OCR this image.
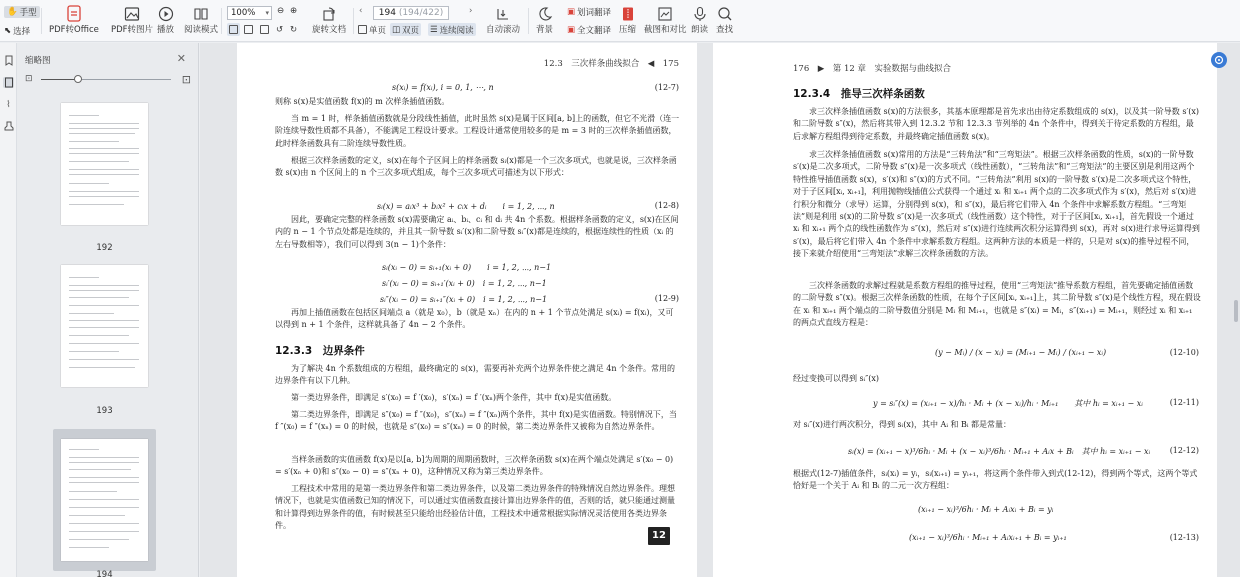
✋ 手型
⬉ 选择 PDF转Office PDF转图片 播放 阅读模式
100% ▾ ⊖ ⊕
旋转文档
↺ ↻
‹	194 (194/422)	›
单页 ◫ 双页 ☰ 连续阅读 自动滚动 背景
▣ 划词翻译
▣ 全文翻译 压缩 截图和对比 朗读 查找
⌇
缩略图	✕
⊡	⊡
192
193
194
12.3　三次样条曲线拟合　◀　175
s(xᵢ) = f(xᵢ), i = 0, 1, ⋯, n	(12-7)
则称 s(x)是实值函数 f(x)的 m 次样条插值函数。
当 m = 1 时，样条插值函数就是分段线性插值，此时虽然 s(x)是属于区间[a, b]上的函数，但它不光滑（连一阶连续导数性质都不具备），不能满足工程设计要求。工程设计通常使用较多的是 m = 3 时的三次样条插值函数，此时样条函数具有二阶连续导数性质。
根据三次样条函数的定义，s(x)在每个子区间上的样条函数 sᵢ(x)都是一个三次多项式，也就是说，三次样条函数 s(x)由 n 个区间上的 n 个三次多项式组成，每个三次多项式可描述为以下形式：
sᵢ(x) = aᵢx³ + bᵢx² + cᵢx + dᵢ　　i = 1, 2, ⋯, n	(12-8)
因此，要确定完整的样条函数 s(x)需要确定 aᵢ、bᵢ、cᵢ 和 dᵢ 共 4n 个系数。根据样条函数的定义，s(x)在区间内的 n − 1 个节点处都是连续的，并且其一阶导数 sᵢ′(x)和二阶导数 sᵢ″(x)都是连续的，根据连续性的性质（xᵢ 的左右导数相等），我们可以得到 3(n − 1)个条件：
sᵢ(xᵢ − 0) = sᵢ₊₁(xᵢ + 0)　　i = 1, 2, ⋯, n−1
sᵢ′(xᵢ − 0) = sᵢ₊₁′(xᵢ + 0)　i = 1, 2, ⋯, n−1
sᵢ″(xᵢ − 0) = sᵢ₊₁″(xᵢ + 0)　i = 1, 2, ⋯, n−1	(12-9)
再加上插值函数在包括区间端点 a（就是 x₀），b（就是 xₙ）在内的 n + 1 个节点处满足 s(xᵢ) = f(xᵢ)，又可以得到 n + 1 个条件，这样就具备了 4n − 2 个条件。
12.3.3　边界条件
为了解决 4n 个系数组成的方程组，最终确定的 s(x)，需要再补充两个边界条件使之满足 4n 个条件。常用的边界条件有以下几种。
第一类边界条件，即满足 s′(x₀) = f ′(x₀)，s′(xₙ) = f ′(xₙ)两个条件，其中 f(x)是实值函数。
第二类边界条件，即满足 s″(x₀) = f ″(x₀)，s″(xₙ) = f ″(xₙ)两个条件，其中 f(x)是实值函数。特别情况下，当 f ″(x₀) = f ″(xₙ) = 0 的时候，也就是 s″(x₀) = s″(xₙ) = 0 的时候，第二类边界条件又被称为自然边界条件。
当样条函数的实值函数 f(x)是以[a, b]为周期的周期函数时，三次样条函数 s(x)在两个端点处满足 s′(x₀ − 0) = s′(xₙ + 0)和 s″(x₀ − 0) = s″(xₙ + 0)，这种情况又称为第三类边界条件。
工程技术中常用的是第一类边界条件和第二类边界条件，以及第二类边界条件的特殊情况自然边界条件。理想情况下，也就是实值函数已知的情况下，可以通过实值函数直接计算出边界条件的值，否则的话，就只能通过测量和计算得到边界条件的值，有时候甚至只能给出经验估计值，工程技术中通常根据实际情况灵活使用各类边界条件。
12
176　▶　第 12 章　实验数据与曲线拟合
12.3.4　推导三次样条函数
求三次样条插值函数 s(x)的方法很多，其基本原理都是首先求出由待定系数组成的 s(x)，以及其一阶导数 s′(x)和二阶导数 s″(x)，然后将其带入到 12.3.2 节和 12.3.3 节列举的 4n 个条件中，得到关于待定系数的方程组，最后求解方程组得到待定系数，并最终确定插值函数 s(x)。
求三次样条插值函数 s(x)常用的方法是“三转角法”和“三弯矩法”。根据三次样条函数的性质，s(x)的一阶导数 s′(x)是二次多项式，二阶导数 s″(x)是一次多项式（线性函数），“三转角法”和“三弯矩法”的主要区别是利用这两个特性推导插值函数 s(x)，s′(x)和 s″(x)的方式不同。“三转角法”利用 s(x)的一阶导数 s′(x)是二次多项式这个特性，对于子区间[xᵢ, xᵢ₊₁]，利用抛物线插值公式获得一个通过 xᵢ 和 xᵢ₊₁ 两个点的二次多项式作为 s′(x)，然后对 s′(x)进行积分和微分（求导）运算，分别得到 s(x)，和 s″(x)，最后将它们带入 4n 个条件中求解系数方程组。“三弯矩法”则是利用 s(x)的二阶导数 s″(x)是一次多项式（线性函数）这个特性，对于子区间[xᵢ, xᵢ₊₁]，首先假设一个通过 xᵢ 和 xᵢ₊₁ 两个点的线性函数作为 s″(x)，然后对 s″(x)进行连续两次积分运算得到 s(x)，再对 s(x)进行求导运算得到 s′(x)，最后将它们带入 4n 个条件中求解系数方程组。这两种方法的本质是一样的，只是对 s(x)的推导过程不同，接下来就介绍使用“三弯矩法”求解三次样条函数的方法。
三次样条函数的求解过程就是系数方程组的推导过程，使用“三弯矩法”推导系数方程组，首先要确定插值函数的二阶导数 s″(x)。根据三次样条函数的性质，在每个子区间[xᵢ, xᵢ₊₁]上，其二阶导数 s″(x)是个线性方程，现在假设在 xᵢ 和 xᵢ₊₁ 两个端点的二阶导数值分别是 Mᵢ 和 Mᵢ₊₁，也就是 s″(xᵢ) = Mᵢ，s″(xᵢ₊₁) = Mᵢ₊₁，则经过 xᵢ 和 xᵢ₊₁ 的两点式直线方程是：
(y − Mᵢ) / (x − xᵢ) = (Mᵢ₊₁ − Mᵢ) / (xᵢ₊₁ − xᵢ)	(12-10)
经过变换可以得到 sᵢ″(x)
y = sᵢ″(x) = (xᵢ₊₁ − x)/hᵢ · Mᵢ + (x − xᵢ)/hᵢ · Mᵢ₊₁　　其中 hᵢ = xᵢ₊₁ − xᵢ	(12-11)
对 sᵢ″(x)进行两次积分，得到 sᵢ(x)，其中 Aᵢ 和 Bᵢ 都是常量：
sᵢ(x) = (xᵢ₊₁ − x)³/6hᵢ · Mᵢ + (x − xᵢ)³/6hᵢ · Mᵢ₊₁ + Aᵢx + Bᵢ　其中 hᵢ = xᵢ₊₁ − xᵢ (12-12)
根据式(12-7)插值条件，sᵢ(xᵢ) = yᵢ，sᵢ(xᵢ₊₁) = yᵢ₊₁，将这两个条件带入到式(12-12)，得到两个等式，这两个等式恰好是一个关于 Aᵢ 和 Bᵢ 的二元一次方程组：
(xᵢ₊₁ − xᵢ)³/6hᵢ · Mᵢ + Aᵢxᵢ + Bᵢ = yᵢ
(xᵢ₊₁ − xᵢ)³/6hᵢ · Mᵢ₊₁ + Aᵢxᵢ₊₁ + Bᵢ = yᵢ₊₁	(12-13)
